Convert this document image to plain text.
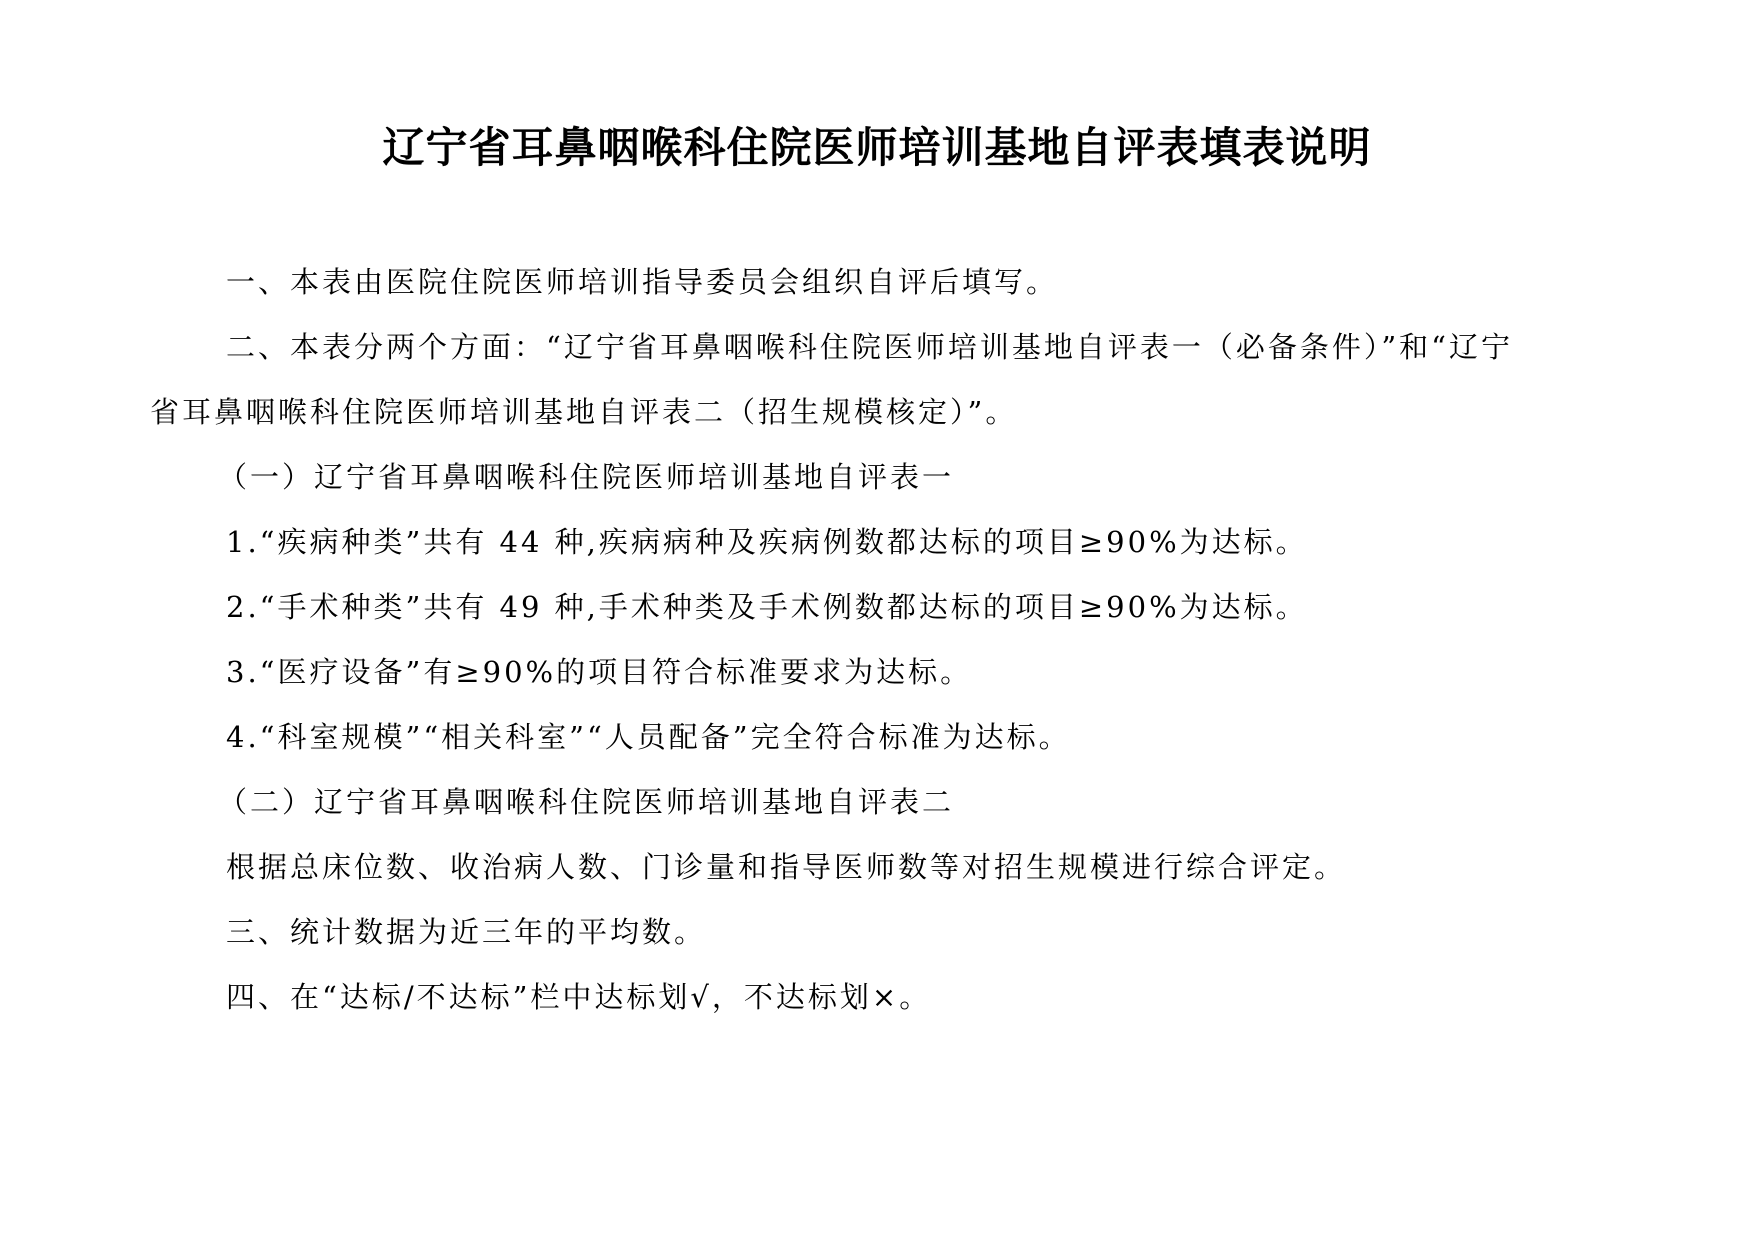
辽宁省耳鼻咽喉科住院医师培训基地自评表填表说明
一、本表由医院住院医师培训指导委员会组织自评后填写。
二、本表分两个方面：“辽宁省耳鼻咽喉科住院医师培训基地自评表一（必备条件）”和“辽宁
省耳鼻咽喉科住院医师培训基地自评表二（招生规模核定）”。
（一）辽宁省耳鼻咽喉科住院医师培训基地自评表一
1.“疾病种类”共有 44 种,疾病病种及疾病例数都达标的项目≥90%为达标。
2.“手术种类”共有 49 种,手术种类及手术例数都达标的项目≥90%为达标。
3.“医疗设备”有≥90%的项目符合标准要求为达标。
4.“科室规模”“相关科室”“人员配备”完全符合标准为达标。
（二）辽宁省耳鼻咽喉科住院医师培训基地自评表二
根据总床位数、收治病人数、门诊量和指导医师数等对招生规模进行综合评定。
三、统计数据为近三年的平均数。
四、在“达标/不达标”栏中达标划√，不达标划×。
